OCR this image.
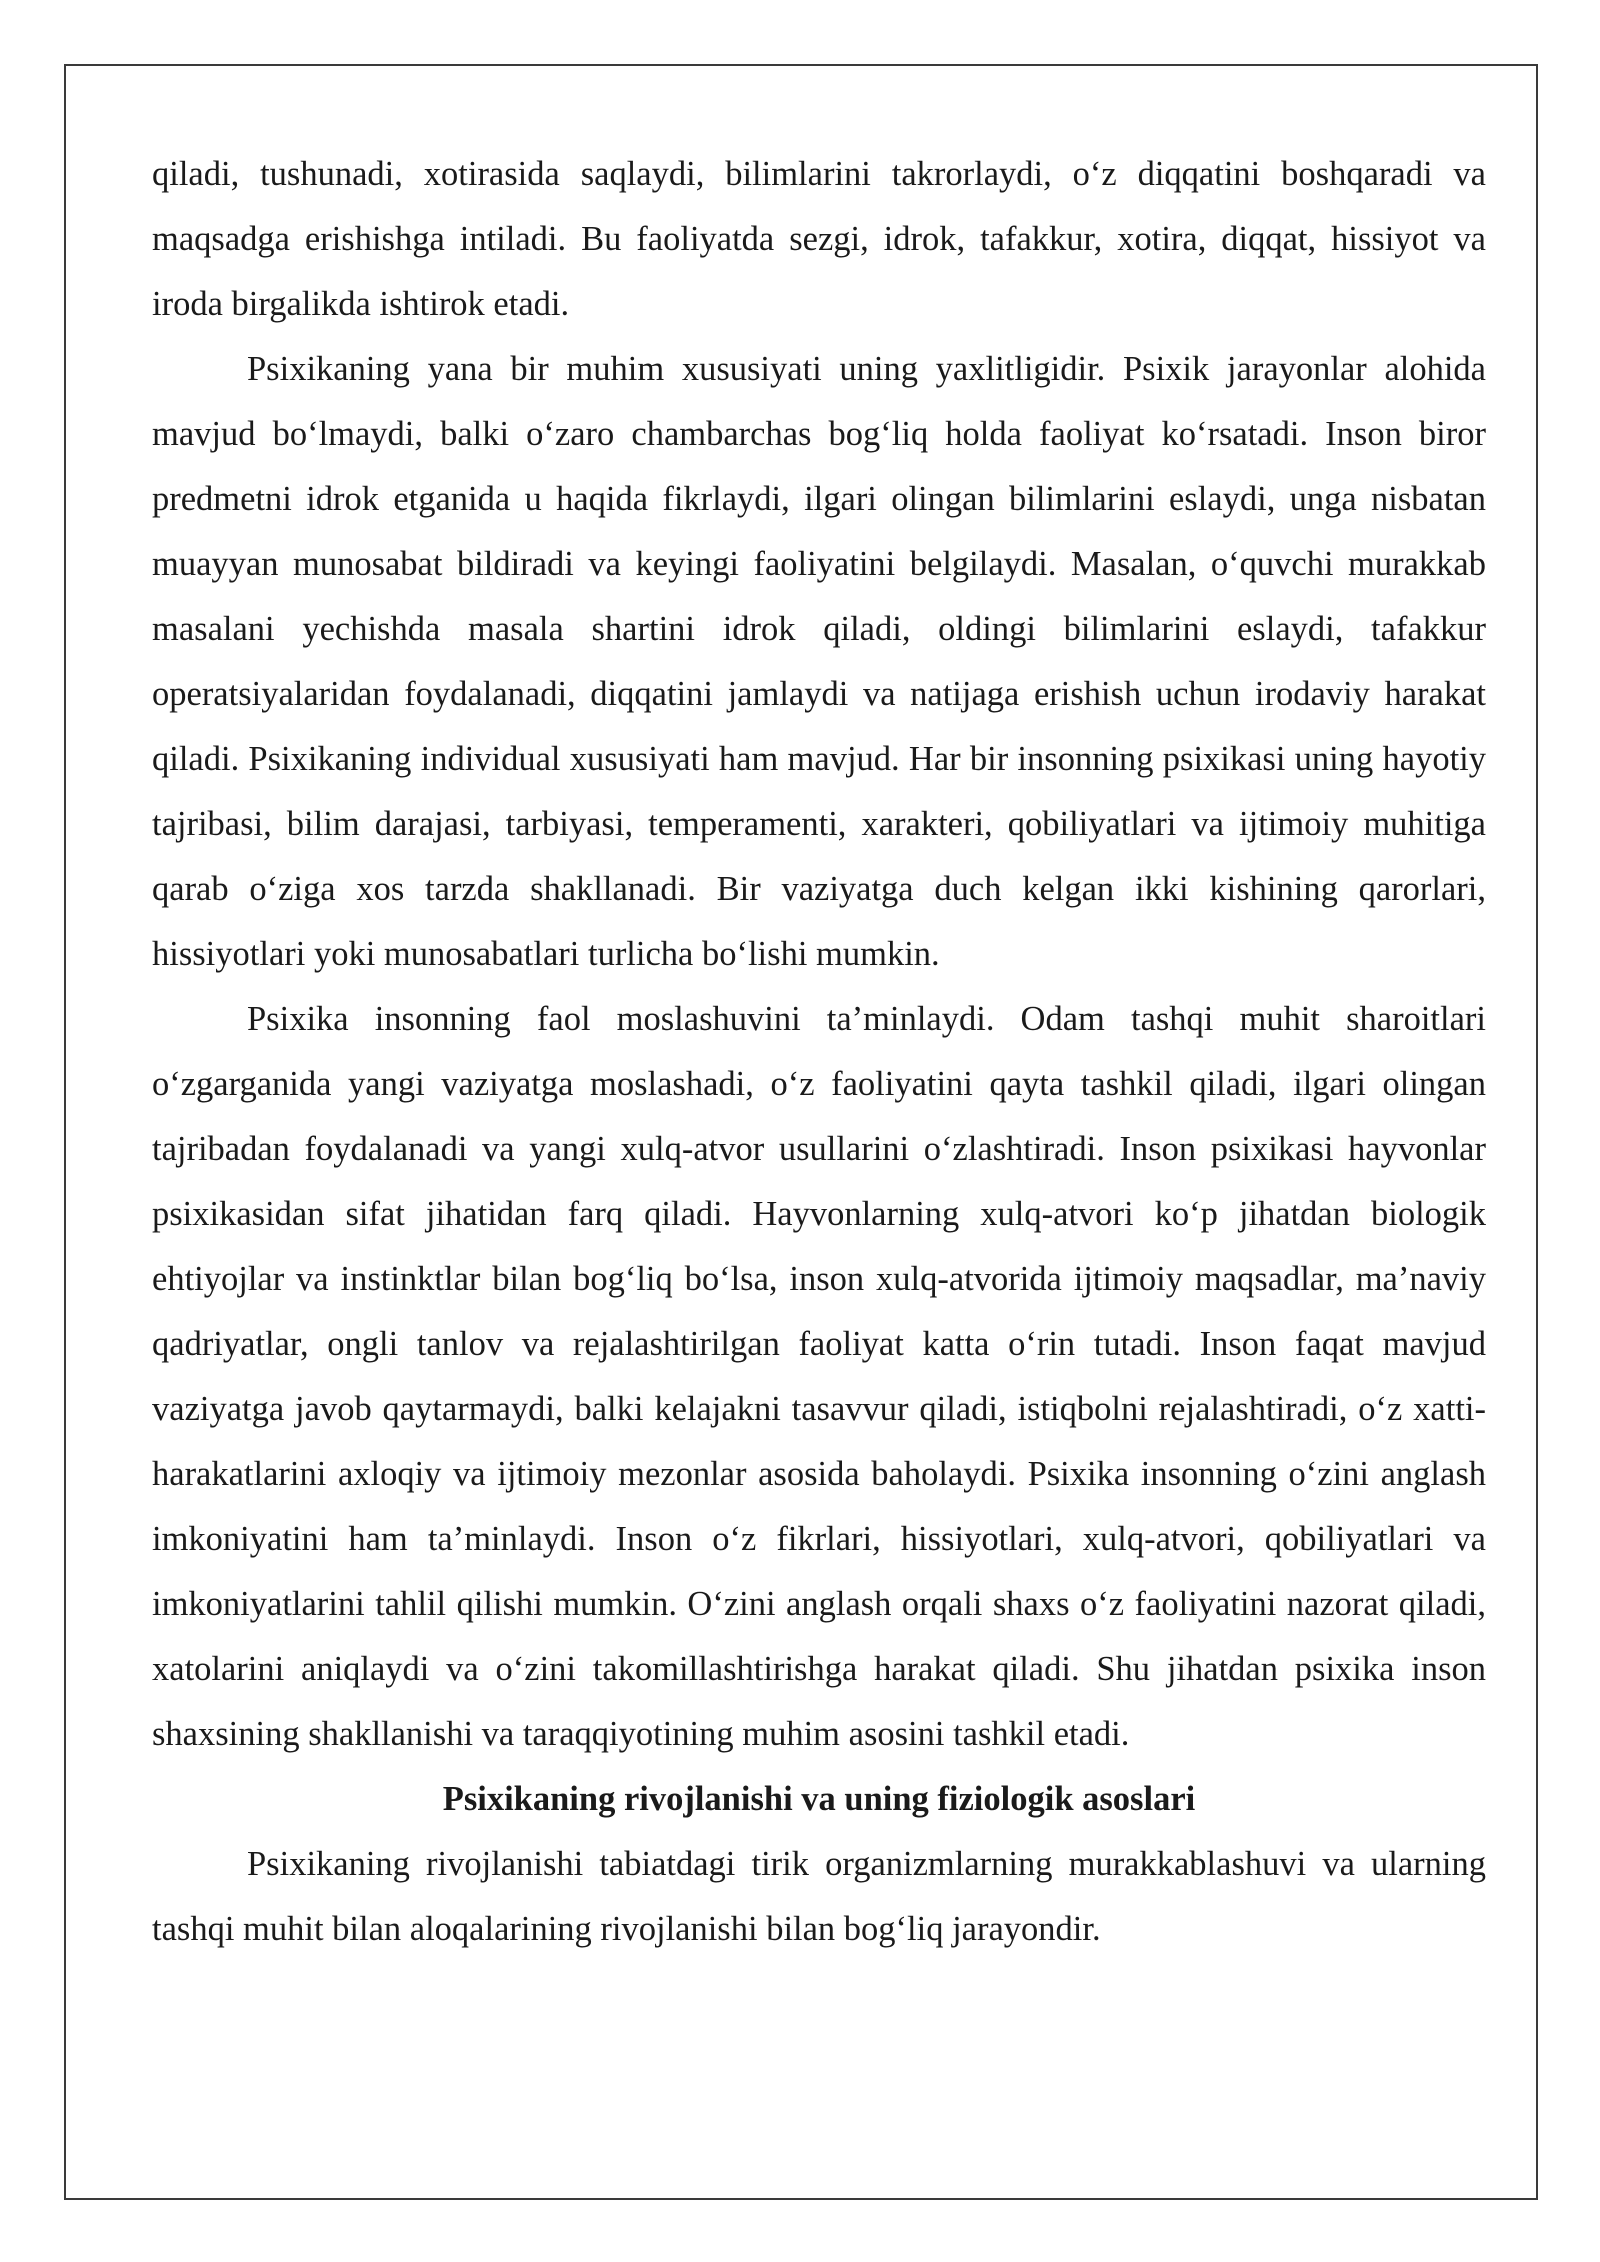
qiladi, tushunadi, xotirasida saqlaydi, bilimlarini takrorlaydi, o‘z diqqatini boshqaradi va maqsadga erishishga intiladi. Bu faoliyatda sezgi, idrok, tafakkur, xotira, diqqat, hissiyot va iroda birgalikda ishtirok etadi.

Psixikaning yana bir muhim xususiyati uning yaxlitligidir. Psixik jarayonlar alohida mavjud bo‘lmaydi, balki o‘zaro chambarchas bog‘liq holda faoliyat ko‘rsatadi. Inson biror predmetni idrok etganida u haqida fikrlaydi, ilgari olingan bilimlarini eslaydi, unga nisbatan muayyan munosabat bildiradi va keyingi faoliyatini belgilaydi. Masalan, o‘quvchi murakkab masalani yechishda masala shartini idrok qiladi, oldingi bilimlarini eslaydi, tafakkur operatsiyalaridan foydalanadi, diqqatini jamlaydi va natijaga erishish uchun irodaviy harakat qiladi. Psixikaning individual xususiyati ham mavjud. Har bir insonning psixikasi uning hayotiy tajribasi, bilim darajasi, tarbiyasi, temperamenti, xarakteri, qobiliyatlari va ijtimoiy muhitiga qarab o‘ziga xos tarzda shakllanadi. Bir vaziyatga duch kelgan ikki kishining qarorlari, hissiyotlari yoki munosabatlari turlicha bo‘lishi mumkin.

Psixika insonning faol moslashuvini ta’minlaydi. Odam tashqi muhit sharoitlari o‘zgarganida yangi vaziyatga moslashadi, o‘z faoliyatini qayta tashkil qiladi, ilgari olingan tajribadan foydalanadi va yangi xulq-atvor usullarini o‘zlashtiradi. Inson psixikasi hayvonlar psixikasidan sifat jihatidan farq qiladi. Hayvonlarning xulq-atvori ko‘p jihatdan biologik ehtiyojlar va instinktlar bilan bog‘liq bo‘lsa, inson xulq-atvorida ijtimoiy maqsadlar, ma’naviy qadriyatlar, ongli tanlov va rejalashtirilgan faoliyat katta o‘rin tutadi. Inson faqat mavjud vaziyatga javob qaytarmaydi, balki kelajakni tasavvur qiladi, istiqbolni rejalashtiradi, o‘z xatti-harakatlarini axloqiy va ijtimoiy mezonlar asosida baholaydi. Psixika insonning o‘zini anglash imkoniyatini ham ta’minlaydi. Inson o‘z fikrlari, hissiyotlari, xulq-atvori, qobiliyatlari va imkoniyatlarini tahlil qilishi mumkin. O‘zini anglash orqali shaxs o‘z faoliyatini nazorat qiladi, xatolarini aniqlaydi va o‘zini takomillashtirishga harakat qiladi. Shu jihatdan psixika inson shaxsining shakllanishi va taraqqiyotining muhim asosini tashkil etadi.

Psixikaning rivojlanishi va uning fiziologik asoslari

Psixikaning rivojlanishi tabiatdagi tirik organizmlarning murakkablashuvi va ularning tashqi muhit bilan aloqalarining rivojlanishi bilan bog‘liq jarayondir.
